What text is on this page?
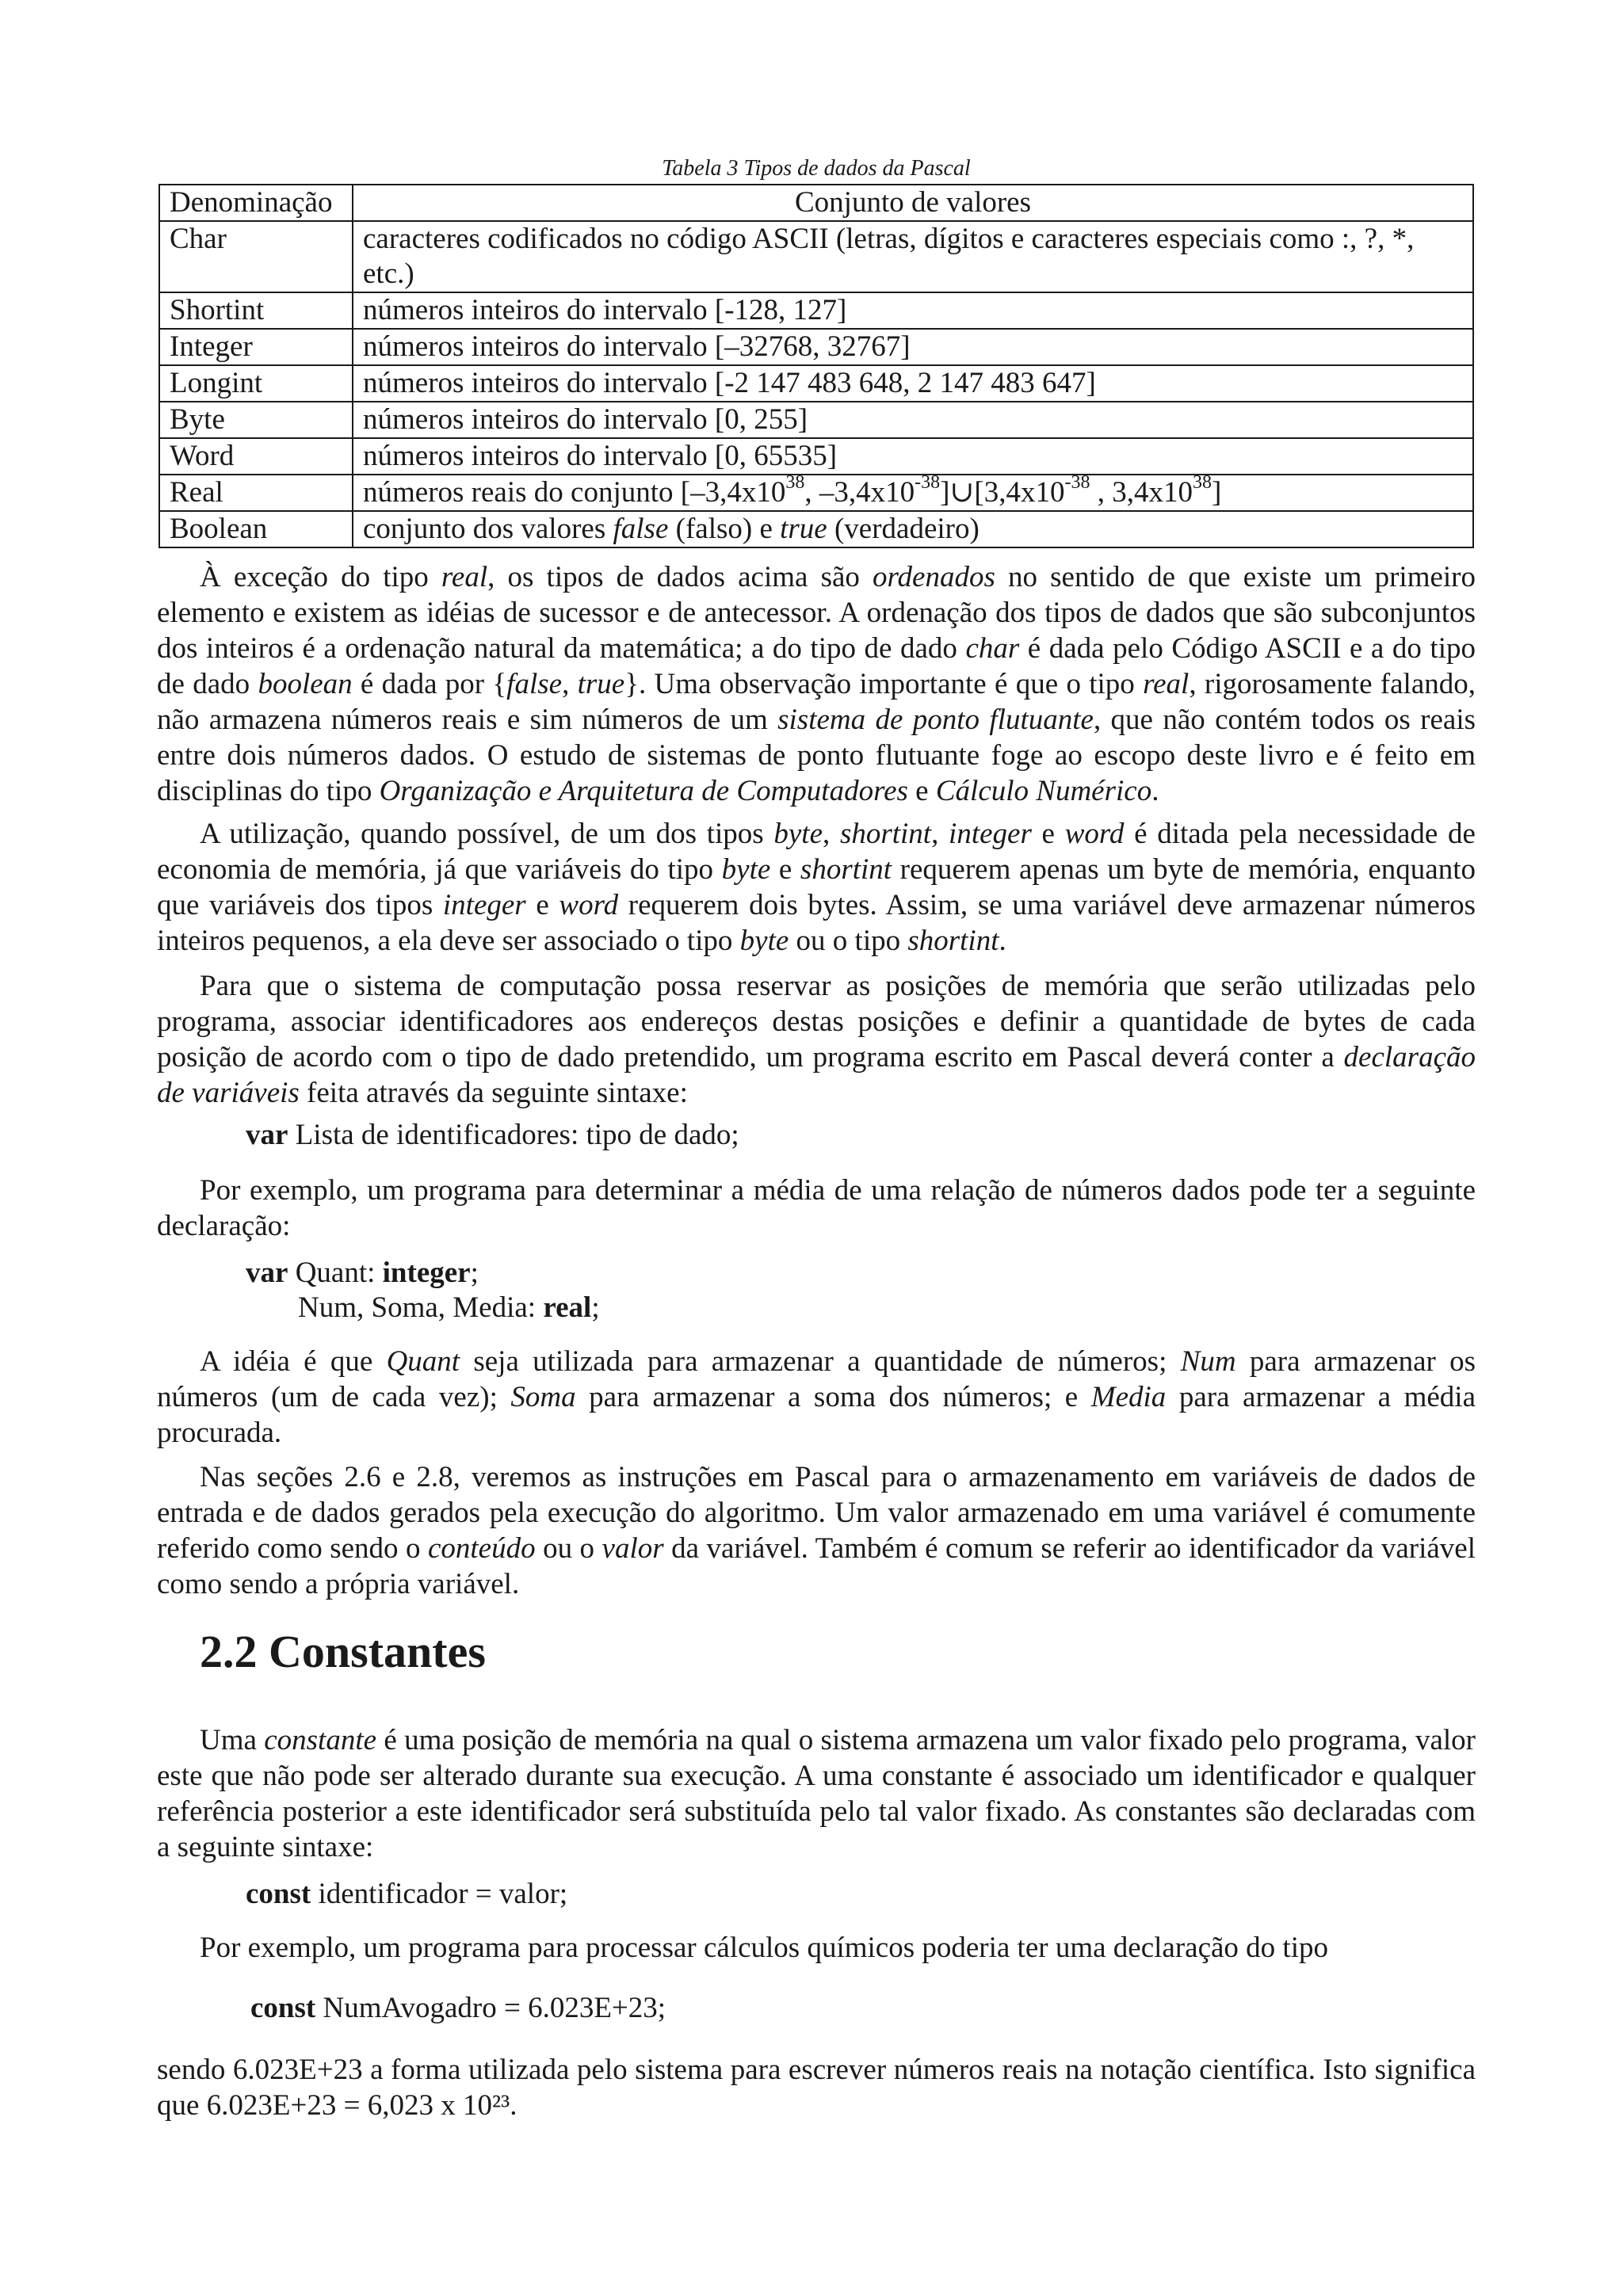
Tabela 3 Tipos de dados da Pascal
Denominação	Conjunto de valores
Char	caracteres codificados no código ASCII (letras, dígitos e caracteres especiais como :, ?, *, etc.)
Shortint	números inteiros do intervalo [-128, 127]
Integer	números inteiros do intervalo [–32768, 32767]
Longint	números inteiros do intervalo [-2 147 483 648, 2 147 483 647]
Byte	números inteiros do intervalo [0, 255]
Word	números inteiros do intervalo [0, 65535]
Real	números reais do conjunto [$-3,4x10^{38}$, $-3,4x10^{-38}]\cup[3,4x10^{-38}$ , $3,4x10^{38}$]
Boolean	conjunto dos valores false (falso) e true (verdadeiro)

À exceção do tipo real, os tipos de dados acima são ordenados no sentido de que existe um primeiro elemento e existem as idéias de sucessor e de antecessor. A ordenação dos tipos de dados que são subconjuntos dos inteiros é a ordenação natural da matemática; a do tipo de dado char é dada pelo Código ASCII e a do tipo de dado boolean é dada por {false, true}. Uma observação importante é que o tipo real, rigorosamente falando, não armazena números reais e sim números de um sistema de ponto flutuante, que não contém todos os reais entre dois números dados. O estudo de sistemas de ponto flutuante foge ao escopo deste livro e é feito em disciplinas do tipo Organização e Arquitetura de Computadores e Cálculo Numérico.

A utilização, quando possível, de um dos tipos byte, shortint, integer e word é ditada pela necessidade de economia de memória, já que variáveis do tipo byte e shortint requerem apenas um byte de memória, enquanto que variáveis dos tipos integer e word requerem dois bytes. Assim, se uma variável deve armazenar números inteiros pequenos, a ela deve ser associado o tipo byte ou o tipo shortint.

Para que o sistema de computação possa reservar as posições de memória que serão utilizadas pelo programa, associar identificadores aos endereços destas posições e definir a quantidade de bytes de cada posição de acordo com o tipo de dado pretendido, um programa escrito em Pascal deverá conter a declaração de variáveis feita através da seguinte sintaxe:

var Lista de identificadores: tipo de dado;

Por exemplo, um programa para determinar a média de uma relação de números dados pode ter a seguinte declaração:

var Quant: integer;

Num, Soma, Media: real;

A idéia é que Quant seja utilizada para armazenar a quantidade de números; Num para armazenar os números (um de cada vez); Soma para armazenar a soma dos números; e Media para armazenar a média procurada.

Nas seções 2.6 e 2.8, veremos as instruções em Pascal para o armazenamento em variáveis de dados de entrada e de dados gerados pela execução do algoritmo. Um valor armazenado em uma variável é comumente referido como sendo o conteúdo ou o valor da variável. Também é comum se referir ao identificador da variável como sendo a própria variável.

2.2 Constantes

Uma constante é uma posição de memória na qual o sistema armazena um valor fixado pelo programa, valor este que não pode ser alterado durante sua execução. A uma constante é associado um identificador e qualquer referência posterior a este identificador será substituída pelo tal valor fixado. As constantes são declaradas com a seguinte sintaxe:

const identificador = valor;

Por exemplo, um programa para processar cálculos químicos poderia ter uma declaração do tipo

const NumAvogadro = 6.023E+23;

sendo 6.023E+23 a forma utilizada pelo sistema para escrever números reais na notação científica. Isto significa que 6.023E+23 = 6,023 x 10²³.
